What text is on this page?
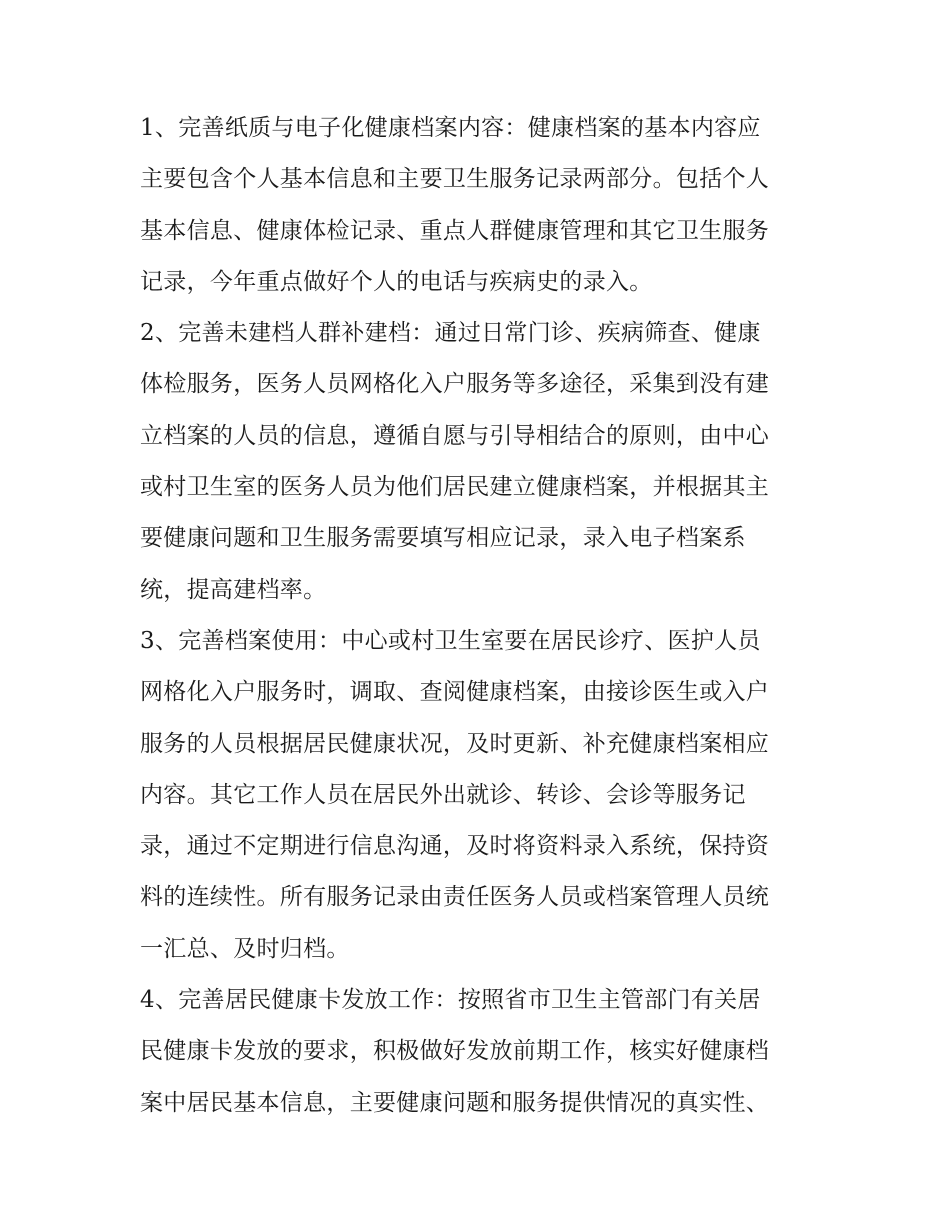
1、完善纸质与电子化健康档案内容：健康档案的基本内容应
主要包含个人基本信息和主要卫生服务记录两部分。包括个人
基本信息、健康体检记录、重点人群健康管理和其它卫生服务
记录，今年重点做好个人的电话与疾病史的录入。
2、完善未建档人群补建档：通过日常门诊、疾病筛查、健康
体检服务，医务人员网格化入户服务等多途径，采集到没有建
立档案的人员的信息，遵循自愿与引导相结合的原则，由中心
或村卫生室的医务人员为他们居民建立健康档案，并根据其主
要健康问题和卫生服务需要填写相应记录，录入电子档案系
统，提高建档率。
3、完善档案使用：中心或村卫生室要在居民诊疗、医护人员
网格化入户服务时，调取、查阅健康档案，由接诊医生或入户
服务的人员根据居民健康状况，及时更新、补充健康档案相应
内容。其它工作人员在居民外出就诊、转诊、会诊等服务记
录，通过不定期进行信息沟通，及时将资料录入系统，保持资
料的连续性。所有服务记录由责任医务人员或档案管理人员统
一汇总、及时归档。
4、完善居民健康卡发放工作：按照省市卫生主管部门有关居
民健康卡发放的要求，积极做好发放前期工作，核实好健康档
案中居民基本信息，主要健康问题和服务提供情况的真实性、
